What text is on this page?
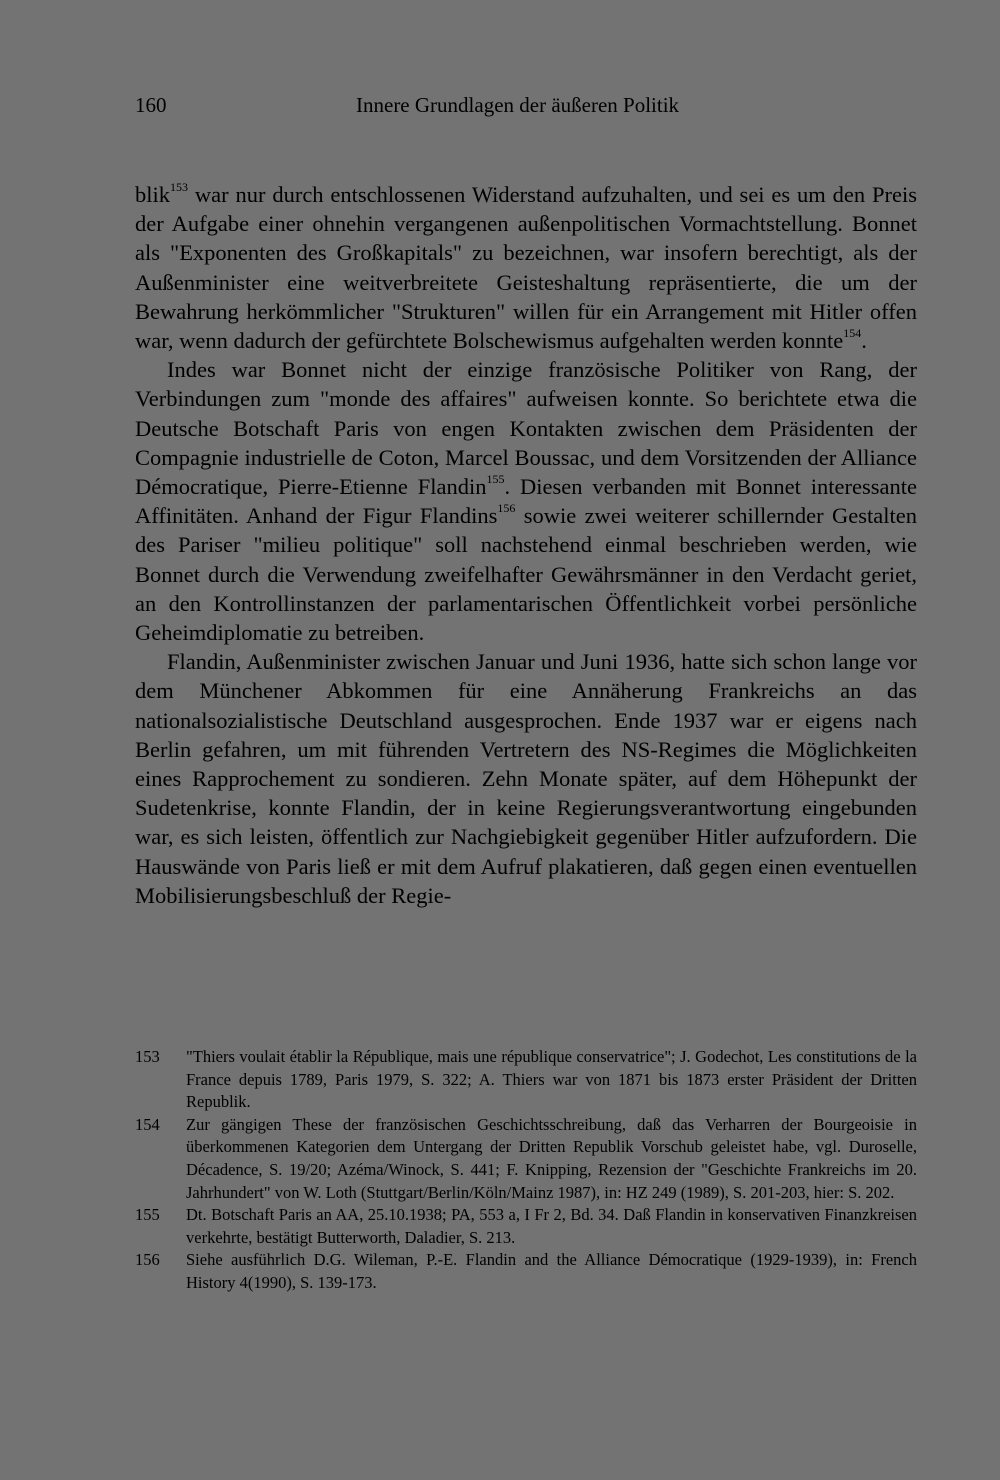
160	Innere Grundlagen der äußeren Politik

blik$^{153}$ war nur durch entschlossenen Widerstand aufzuhalten, und sei es um den Preis der Aufgabe einer ohnehin vergangenen außenpolitischen Vormachtstellung. Bonnet als "Exponenten des Großkapitals" zu bezeichnen, war insofern berechtigt, als der Außenminister eine weitverbreitete Geisteshaltung repräsentierte, die um der Bewahrung herkömmlicher "Strukturen" willen für ein Arrangement mit Hitler offen war, wenn dadurch der gefürchtete Bolschewismus aufgehalten werden konnte$^{154}$.

Indes war Bonnet nicht der einzige französische Politiker von Rang, der Verbindungen zum "monde des affaires" aufweisen konnte. So berichtete etwa die Deutsche Botschaft Paris von engen Kontakten zwischen dem Präsidenten der Compagnie industrielle de Coton, Marcel Boussac, und dem Vorsitzenden der Alliance Démocratique, Pierre-Etienne Flandin$^{155}$. Diesen verbanden mit Bonnet interessante Affinitäten. Anhand der Figur Flandins$^{156}$ sowie zwei weiterer schillernder Gestalten des Pariser "milieu politique" soll nachstehend einmal beschrieben werden, wie Bonnet durch die Verwendung zweifelhafter Gewährsmänner in den Verdacht geriet, an den Kontrollinstanzen der parlamentarischen Öffentlichkeit vorbei persönliche Geheimdiplomatie zu betreiben.

Flandin, Außenminister zwischen Januar und Juni 1936, hatte sich schon lange vor dem Münchener Abkommen für eine Annäherung Frankreichs an das nationalsozialistische Deutschland ausgesprochen. Ende 1937 war er eigens nach Berlin gefahren, um mit führenden Vertretern des NS-Regimes die Möglichkeiten eines Rapprochement zu sondieren. Zehn Monate später, auf dem Höhepunkt der Sudetenkrise, konnte Flandin, der in keine Regierungsverantwortung eingebunden war, es sich leisten, öffentlich zur Nachgiebigkeit gegenüber Hitler aufzufordern. Die Hauswände von Paris ließ er mit dem Aufruf plakatieren, daß gegen einen eventuellen Mobilisierungsbeschluß der Regie-

153 "Thiers voulait établir la République, mais une république conservatrice"; J. Godechot, Les constitutions de la France depuis 1789, Paris 1979, S. 322; A. Thiers war von 1871 bis 1873 erster Präsident der Dritten Republik.
154 Zur gängigen These der französischen Geschichtsschreibung, daß das Verharren der Bourgeoisie in überkommenen Kategorien dem Untergang der Dritten Republik Vorschub geleistet habe, vgl. Duroselle, Décadence, S. 19/20; Azéma/Winock, S. 441; F. Knipping, Rezension der "Geschichte Frankreichs im 20. Jahrhundert" von W. Loth (Stuttgart/Berlin/Köln/Mainz 1987), in: HZ 249 (1989), S. 201-203, hier: S. 202.
155 Dt. Botschaft Paris an AA, 25.10.1938; PA, 553 a, I Fr 2, Bd. 34. Daß Flandin in konservativen Finanzkreisen verkehrte, bestätigt Butterworth, Daladier, S. 213.
156 Siehe ausführlich D.G. Wileman, P.-E. Flandin and the Alliance Démocratique (1929-1939), in: French History 4(1990), S. 139-173.
